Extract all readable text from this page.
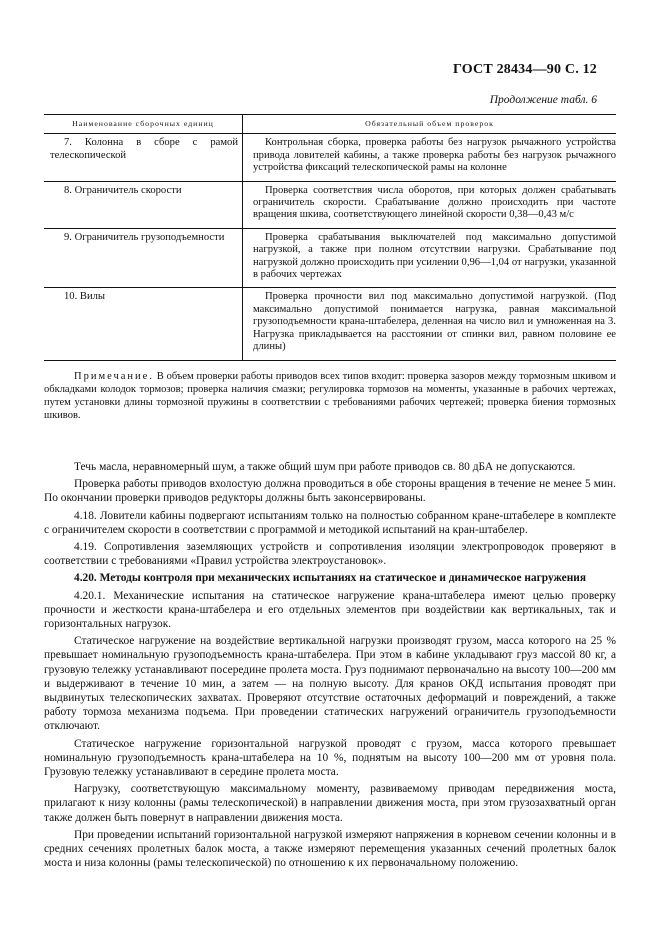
ГОСТ 28434—90 С. 12
Продолжение табл. 6
Наименование сборочных единиц	Обязательный объем проверок
7. Колонна в сборе с рамой телескопической	Контрольная сборка, проверка работы без нагрузок рычажного устройства привода ловителей кабины, а также проверка работы без нагрузок рычажного устройства фиксаций телескопической рамы на колонне
8. Ограничитель скорости	Проверка соответствия числа оборотов, при которых должен срабатывать ограничитель скорости. Срабатывание должно происходить при частоте вращения шкива, соответствующего линейной скорости 0,38—0,43 м/с
9. Ограничитель грузоподъемности	Проверка срабатывания выключателей под максимально допустимой нагрузкой, а также при полном отсутствии нагрузки. Срабатывание под нагрузкой должно происходить при усилении 0,96—1,04 от нагрузки, указанной в рабочих чертежах
10. Вилы	Проверка прочности вил под максимально допустимой нагрузкой. (Под максимально допустимой понимается нагрузка, равная максимальной грузоподъемности крана-штабелера, деленная на число вил и умноженная на 3. Нагрузка прикладывается на расстоянии от спинки вил, равном половине ее длины)
Примечание. В объем проверки работы приводов всех типов входит: проверка зазоров между тормозным шкивом и обкладками колодок тормозов; проверка наличия смазки; регулировка тормозов на моменты, указанные в рабочих чертежах, путем установки длины тормозной пружины в соответствии с требованиями рабочих чертежей; проверка биения тормозных шкивов.

Течь масла, неравномерный шум, а также общий шум при работе приводов св. 80 дБА не допускаются.

Проверка работы приводов вхолостую должна проводиться в обе стороны вращения в течение не менее 5 мин. По окончании проверки приводов редукторы должны быть законсервированы.

4.18. Ловители кабины подвергают испытаниям только на полностью собранном кране-штабелере в комплекте с ограничителем скорости в соответствии с программой и методикой испытаний на кран-штабелер.

4.19. Сопротивления заземляющих устройств и сопротивления изоляции электропроводок проверяют в соответствии с требованиями «Правил устройства электроустановок».

4.20. Методы контроля при механических испытаниях на статическое и динамическое нагружения

4.20.1. Механические испытания на статическое нагружение крана-штабелера имеют целью проверку прочности и жесткости крана-штабелера и его отдельных элементов при воздействии как вертикальных, так и горизонтальных нагрузок.

Статическое нагружение на воздействие вертикальной нагрузки производят грузом, масса которого на 25 % превышает номинальную грузоподъемность крана-штабелера. При этом в кабине укладывают груз массой 80 кг, а грузовую тележку устанавливают посередине пролета моста. Груз поднимают первоначально на высоту 100—200 мм и выдерживают в течение 10 мин, а затем — на полную высоту. Для кранов ОКД испытания проводят при выдвинутых телескопических захватах. Проверяют отсутствие остаточных деформаций и повреждений, а также работу тормоза механизма подъема. При проведении статических нагружений ограничитель грузоподъемности отключают.

Статическое нагружение горизонтальной нагрузкой проводят с грузом, масса которого превышает номинальную грузоподъемность крана-штабелера на 10 %, поднятым на высоту 100—200 мм от уровня пола. Грузовую тележку устанавливают в середине пролета моста.

Нагрузку, соответствующую максимальному моменту, развиваемому приводам передвижения моста, прилагают к низу колонны (рамы телескопической) в направлении движения моста, при этом грузозахватный орган также должен быть повернут в направлении движения моста.

При проведении испытаний горизонтальной нагрузкой измеряют напряжения в корневом сечении колонны и в средних сечениях пролетных балок моста, а также измеряют перемещения указанных сечений пролетных балок моста и низа колонны (рамы телескопической) по отношению к их первоначальному положению.
